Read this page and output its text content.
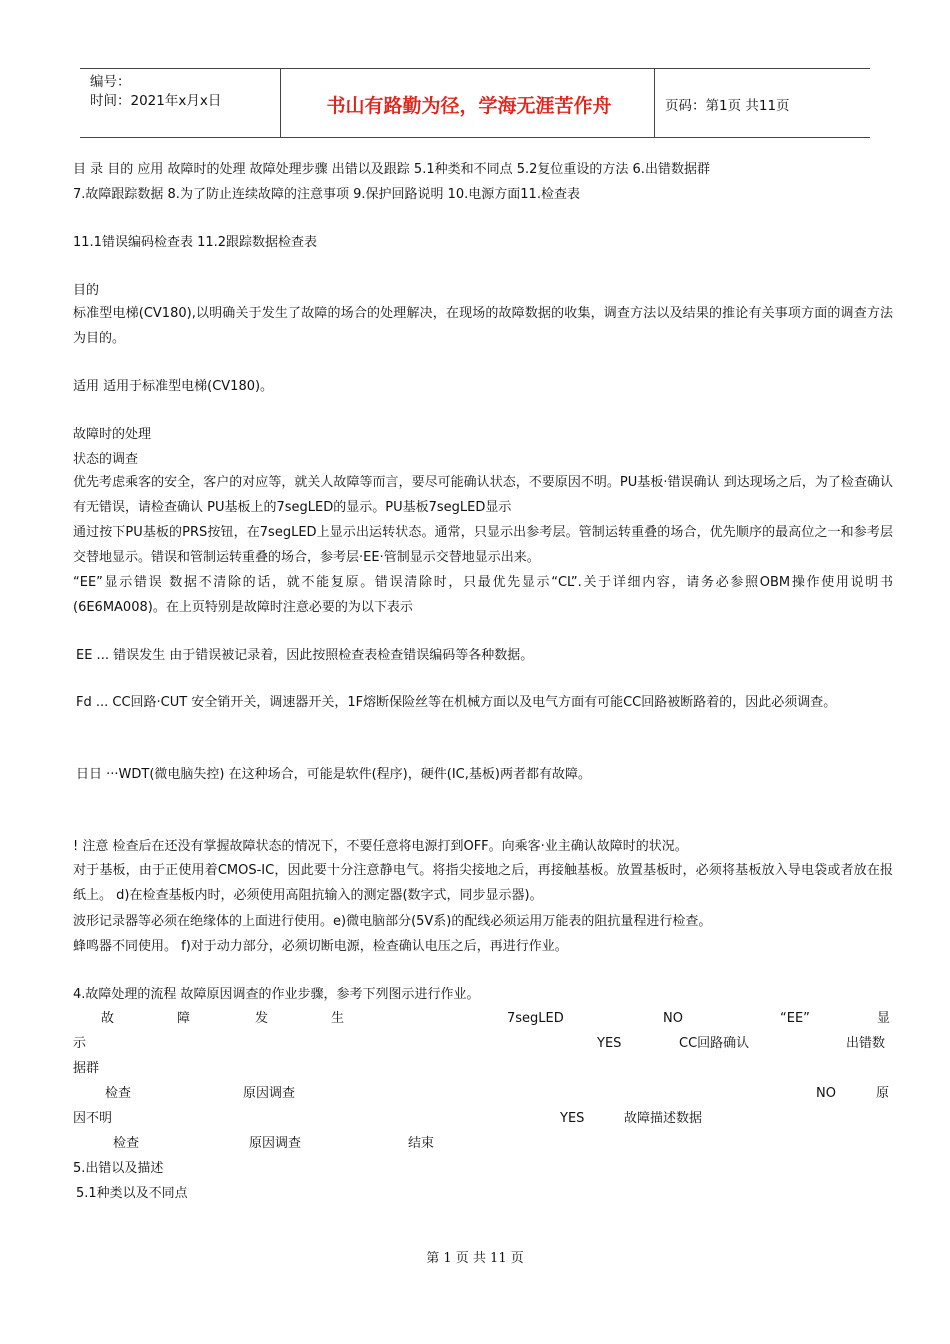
编号：
时间：2021年x月x日	书山有路勤为径，学海无涯苦作舟	页码：第1页 共11页
目 录 目的 应用 故障时的处理 故障处理步骤 出错以及跟踪 5.1种类和不同点 5.2复位重设的方法 6.出错数据群
7.故障跟踪数据 8.为了防止连续故障的注意事项 9.保护回路说明 10.电源方面11.检查表
11.1错误编码检查表 11.2跟踪数据检查表
目的
标准型电梯(CV180),以明确关于发生了故障的场合的处理解决，在现场的故障数据的收集，调查方法以及结果的推论有关事项方面的调查方法为目的。
适用 适用于标准型电梯(CV180)。
故障时的处理
状态的调查
优先考虑乘客的安全，客户的对应等，就关人故障等而言，要尽可能确认状态，不要原因不明。PU基板·错误确认 到达现场之后，为了检查确认有无错误，请检查确认 PU基板上的7segLED的显示。PU基板7segLED显示
通过按下PU基板的PRS按钮，在7segLED上显示出运转状态。通常，只显示出参考层。管制运转重叠的场合，优先顺序的最高位之一和参考层交替地显示。错误和管制运转重叠的场合，参考层·EE·管制显示交替地显示出来。
“EE”显示错误 数据不清除的话，就不能复原。错误清除时，只最优先显示“CL”.关于详细内容，请务必参照OBM操作使用说明书(6E6MA008)。在上页特别是故障时注意必要的为以下表示
EE ... 错误发生 由于错误被记录着，因此按照检查表检查错误编码等各种数据。
Fd ... CC回路·CUT 安全销开关，调速器开关，1F熔断保险丝等在机械方面以及电气方面有可能CC回路被断路着的，因此必须调查。
日日 ···WDT(微电脑失控) 在这种场合，可能是软件(程序)，硬件(IC,基板)两者都有故障。
! 注意 检查后在还没有掌握故障状态的情况下，不要任意将电源打到OFF。向乘客·业主确认故障时的状况。
对于基板，由于正使用着CMOS-IC，因此要十分注意静电气。将指尖接地之后，再接触基板。放置基板时，必须将基板放入导电袋或者放在报纸上。 d)在检查基板内时，必须使用高阻抗输入的测定器(数字式，同步显示器)。
波形记录器等必须在绝缘体的上面进行使用。e)微电脑部分(5V系)的配线必须运用万能表的阻抗量程进行检查。
蜂鸣器不同使用。 f)对于动力部分，必须切断电源，检查确认电压之后，再进行作业。
4.故障处理的流程 故障原因调查的作业步骤，参考下列图示进行作业。
故	障	发	生	7segLED	NO	“EE”	显
示	YES	CC回路确认	出错数
据群
检查	原因调查	NO	原
因不明	YES	故障描述数据
检查	原因调查	结束
5.出错以及描述
5.1种类以及不同点
第 1 页 共 11 页
